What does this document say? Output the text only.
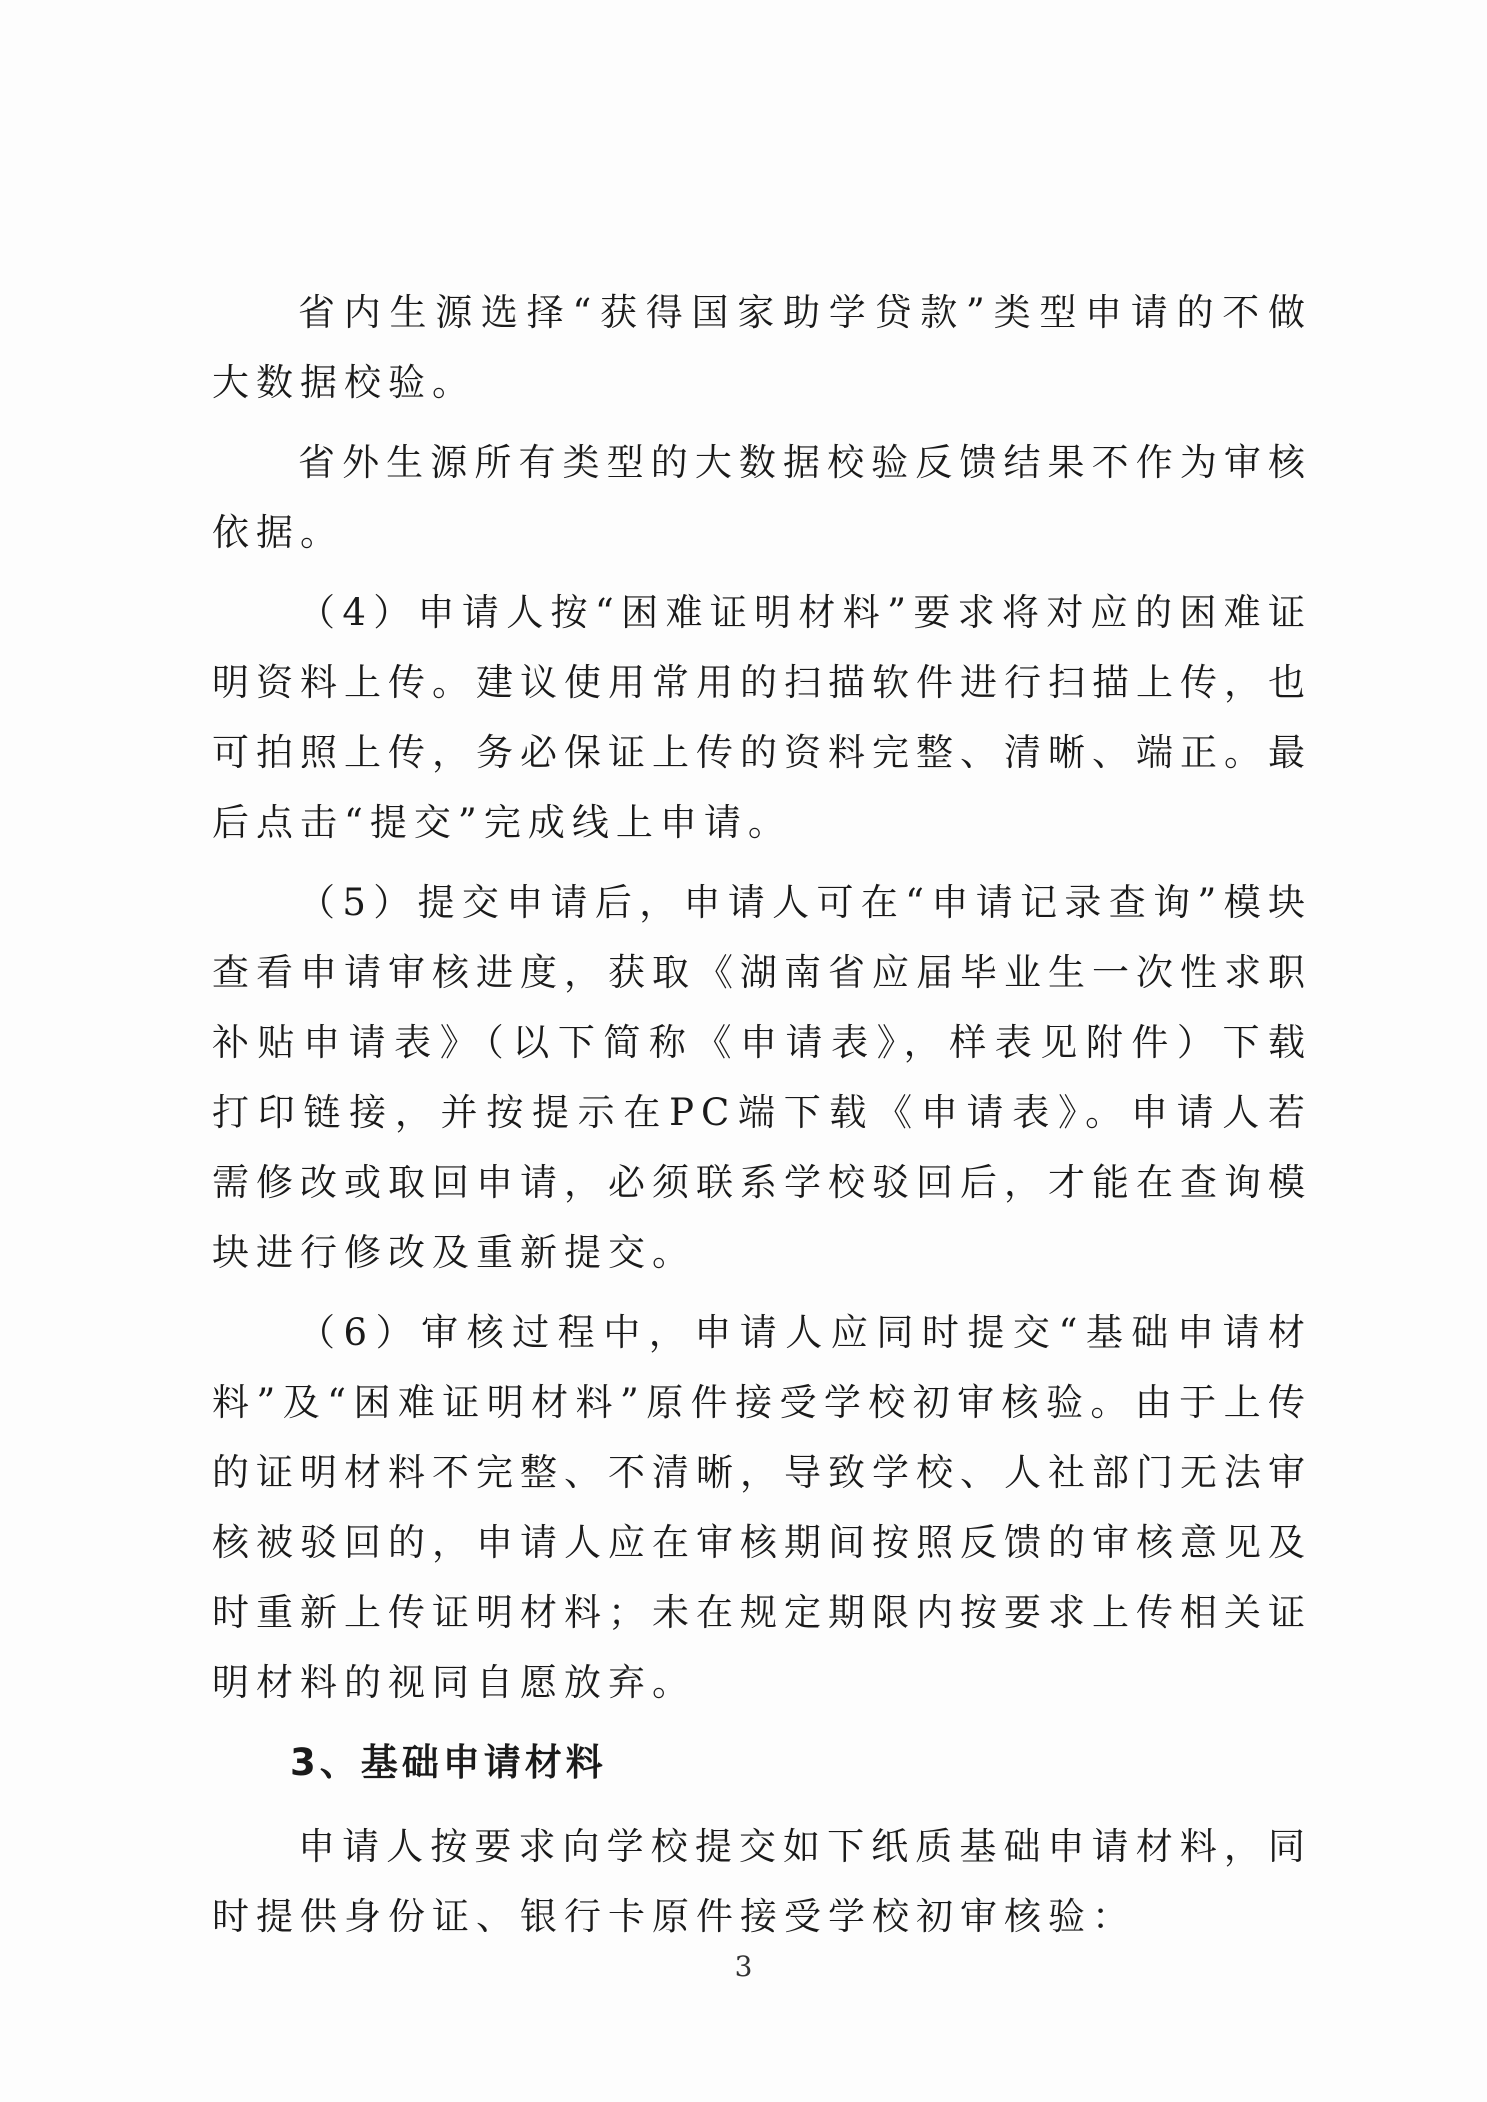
省内生源选择“获得国家助学贷款”类型申请的不做大数据校验。

省外生源所有类型的大数据校验反馈结果不作为审核依据。

（4）申请人按“困难证明材料”要求将对应的困难证明资料上传。建议使用常用的扫描软件进行扫描上传，也可拍照上传，务必保证上传的资料完整、清晰、端正。最后点击“提交”完成线上申请。

（5）提交申请后，申请人可在“申请记录查询”模块查看申请审核进度，获取《湖南省应届毕业生一次性求职补贴申请表》（以下简称《申请表》，样表见附件）下载打印链接，并按提示在PC端下载《申请表》。申请人若需修改或取回申请，必须联系学校驳回后，才能在查询模块进行修改及重新提交。

（6）审核过程中，申请人应同时提交“基础申请材料”及“困难证明材料”原件接受学校初审核验。由于上传的证明材料不完整、不清晰，导致学校、人社部门无法审核被驳回的，申请人应在审核期间按照反馈的审核意见及时重新上传证明材料；未在规定期限内按要求上传相关证明材料的视同自愿放弃。

3、基础申请材料

申请人按要求向学校提交如下纸质基础申请材料，同时提供身份证、银行卡原件接受学校初审核验：

3
